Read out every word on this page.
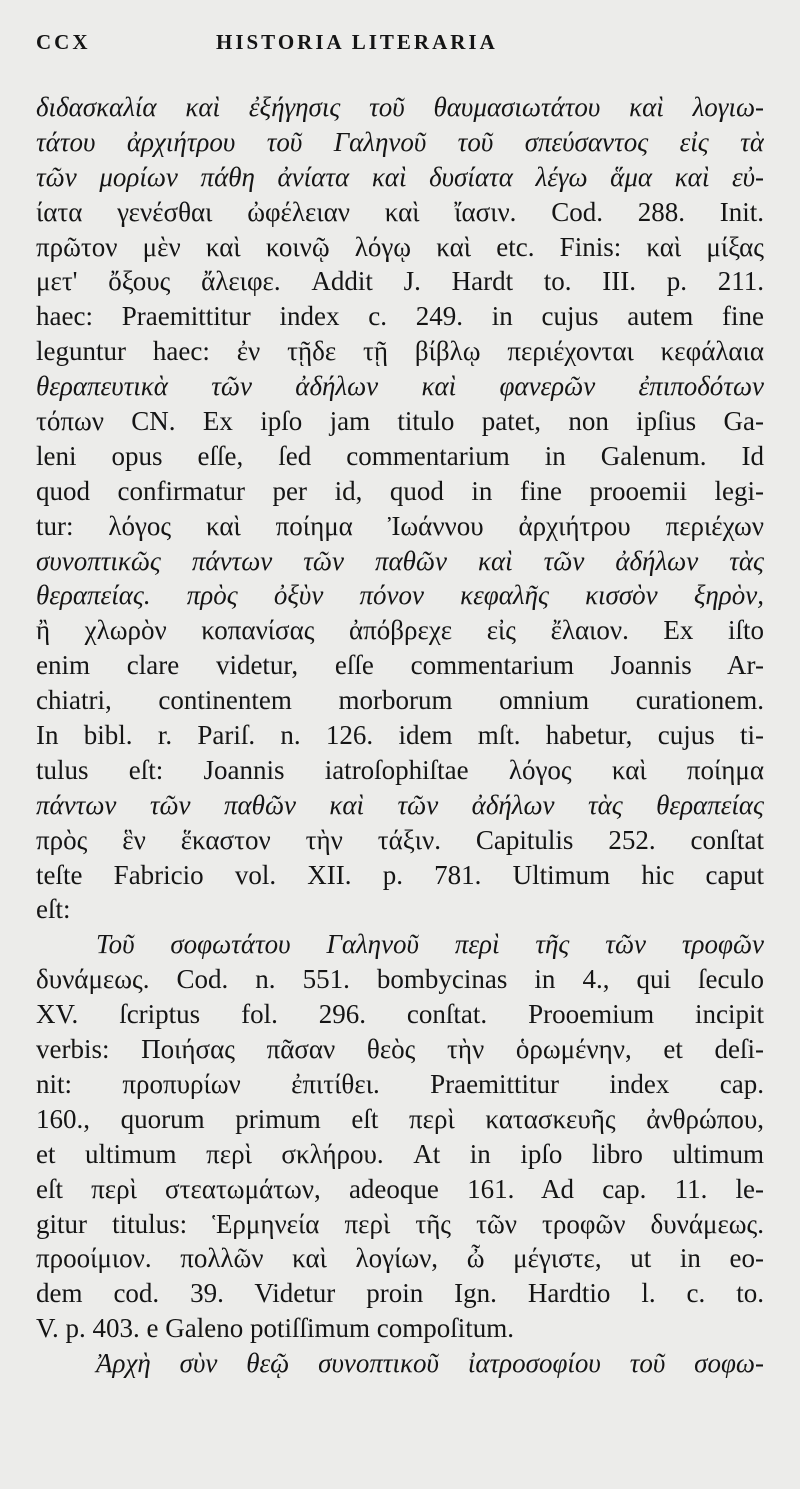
CCX	HISTORIA LITERARIA
διδασκαλία καὶ ἐξήγησις τοῦ θαυμασιωτάτου καὶ λογιω-
τάτου ἀρχιήτρου τοῦ Γαληνοῦ τοῦ σπεύσαντος εἰς τὰ
τῶν μορίων πάθη ἀνίατα καὶ δυσίατα λέγω ἅμα καὶ εὐ-
ίατα γενέσθαι ὠφέλειαν καὶ ἴασιν. Cod. 288. Init.
πρῶτον μὲν καὶ κοινῷ λόγῳ καὶ etc. Finis: καὶ μίξας
μετ' ὄξους ἄλειφε. Addit J. Hardt to. III. p. 211.
haec: Praemittitur index c. 249. in cujus autem fine
leguntur haec: ἐν τῇδε τῇ βίβλῳ περιέχονται κεφάλαια
θεραπευτικὰ τῶν ἀδήλων καὶ φανερῶν ἐπιποδότων
τόπων CN. Ex ipſo jam titulo patet, non ipſius Ga-
leni opus eſſe, ſed commentarium in Galenum. Id
quod confirmatur per id, quod in fine prooemii legi-
tur: λόγος καὶ ποίημα Ἰωάννου ἀρχιήτρου περιέχων
συνοπτικῶς πάντων τῶν παθῶν καὶ τῶν ἀδήλων τὰς
θεραπείας. πρὸς ὀξὺν πόνον κεφαλῆς κισσὸν ξηρὸν,
ἢ χλωρὸν κοπανίσας ἀπόβρεχε εἰς ἔλαιον. Ex iſto
enim clare videtur, eſſe commentarium Joannis Ar-
chiatri, continentem morborum omnium curationem.
In bibl. r. Pariſ. n. 126. idem mſt. habetur, cujus ti-
tulus eſt: Joannis iatroſophiſtae λόγος καὶ ποίημα
πάντων τῶν παθῶν καὶ τῶν ἀδήλων τὰς θεραπείας
πρὸς ἓν ἕκαστον τὴν τάξιν. Capitulis 252. conſtat
teſte Fabricio vol. XII. p. 781. Ultimum hic caput
eſt:
Τοῦ σοφωτάτου Γαληνοῦ περὶ τῆς τῶν τροφῶν
δυνάμεως. Cod. n. 551. bombycinas in 4., qui ſeculo
XV. ſcriptus fol. 296. conſtat. Prooemium incipit
verbis: Ποιήσας πᾶσαν θεὸς τὴν ὁρωμένην, et deſi-
nit: προπυρίων ἐπιτίθει. Praemittitur index cap.
160., quorum primum eſt περὶ κατασκευῆς ἀνθρώπου,
et ultimum περὶ σκλήρου. At in ipſo libro ultimum
eſt περὶ στεατωμάτων, adeoque 161. Ad cap. 11. le-
gitur titulus: Ἑρμηνεία περὶ τῆς τῶν τροφῶν δυνάμεως.
προοίμιον. πολλῶν καὶ λογίων, ὦ μέγιστε, ut in eo-
dem cod. 39. Videtur proin Ign. Hardtio l. c. to.
V. p. 403. e Galeno potiſſimum compoſitum.
Ἀρχὴ σὺν θεῷ συνοπτικοῦ ἰατροσοφίου τοῦ σοφω-
